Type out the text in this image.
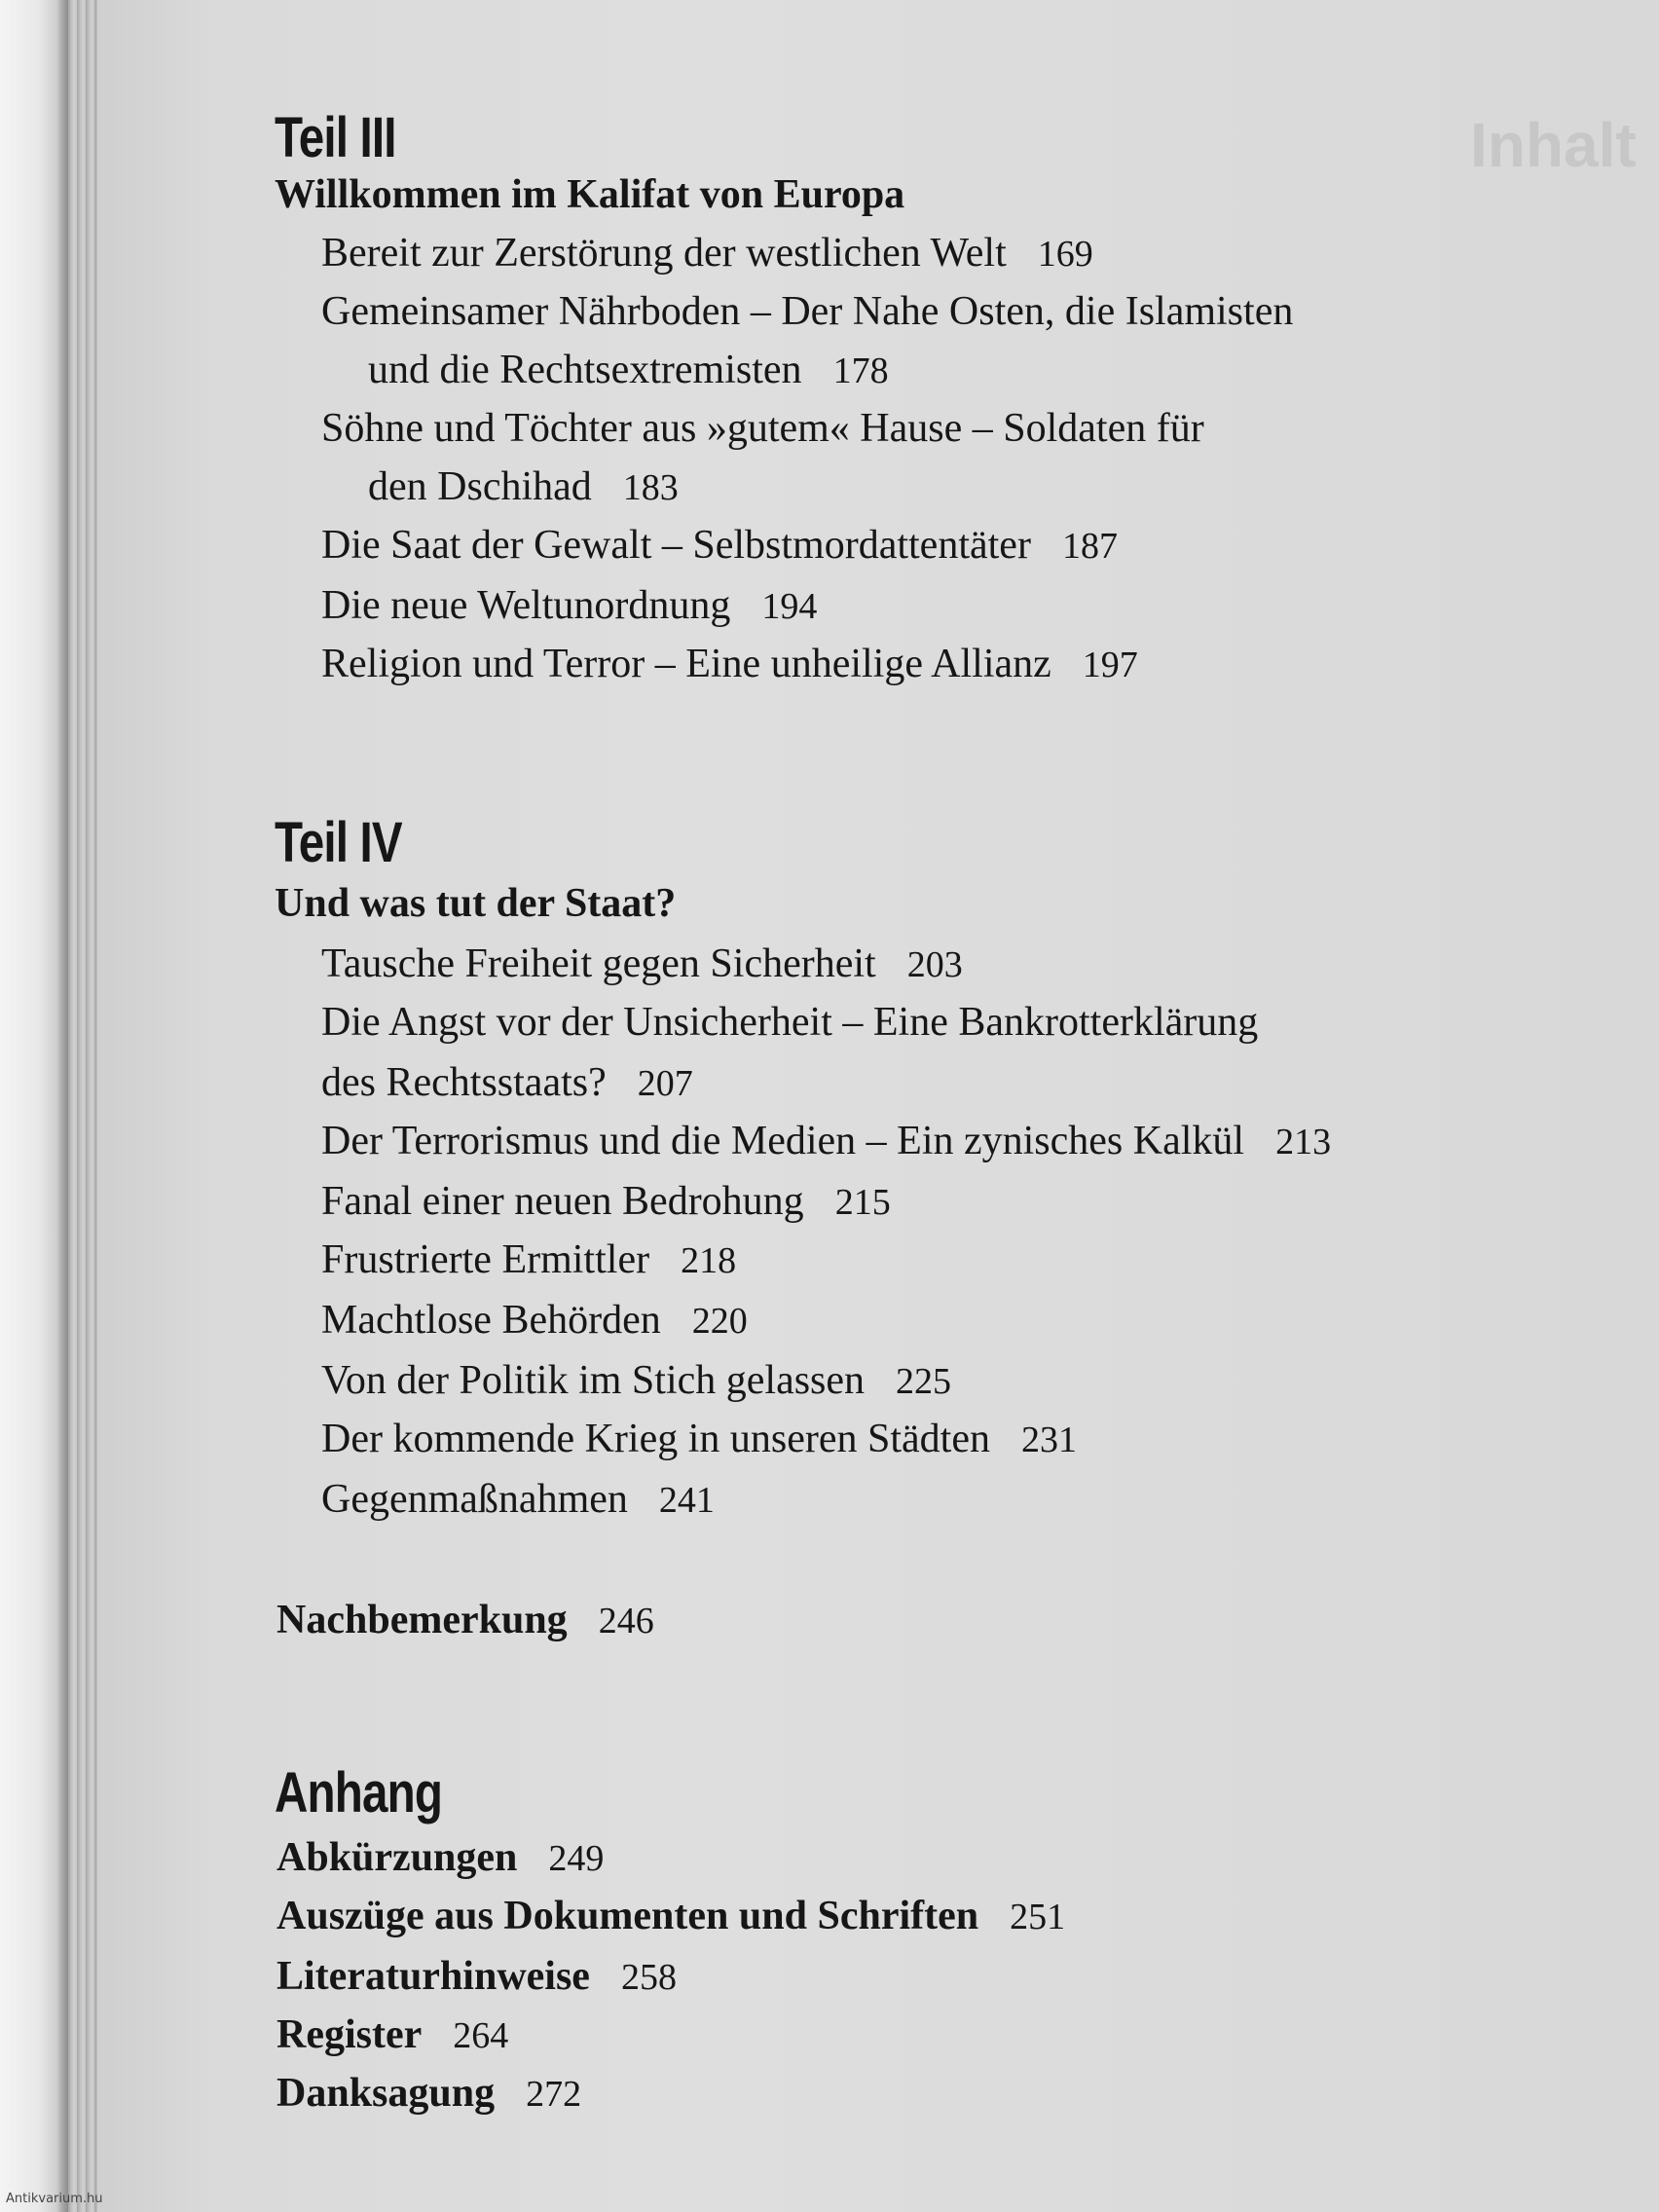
Inhalt
Teil III
Willkommen im Kalifat von Europa
Bereit zur Zerstörung der westlichen Welt 169
Gemeinsamer Nährboden – Der Nahe Osten, die Islamisten
und die Rechtsextremisten 178
Söhne und Töchter aus »gutem« Hause – Soldaten für
den Dschihad 183
Die Saat der Gewalt – Selbstmordattentäter 187
Die neue Weltunordnung 194
Religion und Terror – Eine unheilige Allianz 197
Teil IV
Und was tut der Staat?
Tausche Freiheit gegen Sicherheit 203
Die Angst vor der Unsicherheit – Eine Bankrotterklärung
des Rechtsstaats? 207
Der Terrorismus und die Medien – Ein zynisches Kalkül 213
Fanal einer neuen Bedrohung 215
Frustrierte Ermittler 218
Machtlose Behörden 220
Von der Politik im Stich gelassen 225
Der kommende Krieg in unseren Städten 231
Gegenmaßnahmen 241
Nachbemerkung 246
Anhang
Abkürzungen 249
Auszüge aus Dokumenten und Schriften 251
Literaturhinweise 258
Register 264
Danksagung 272
Antikvarium.hu
